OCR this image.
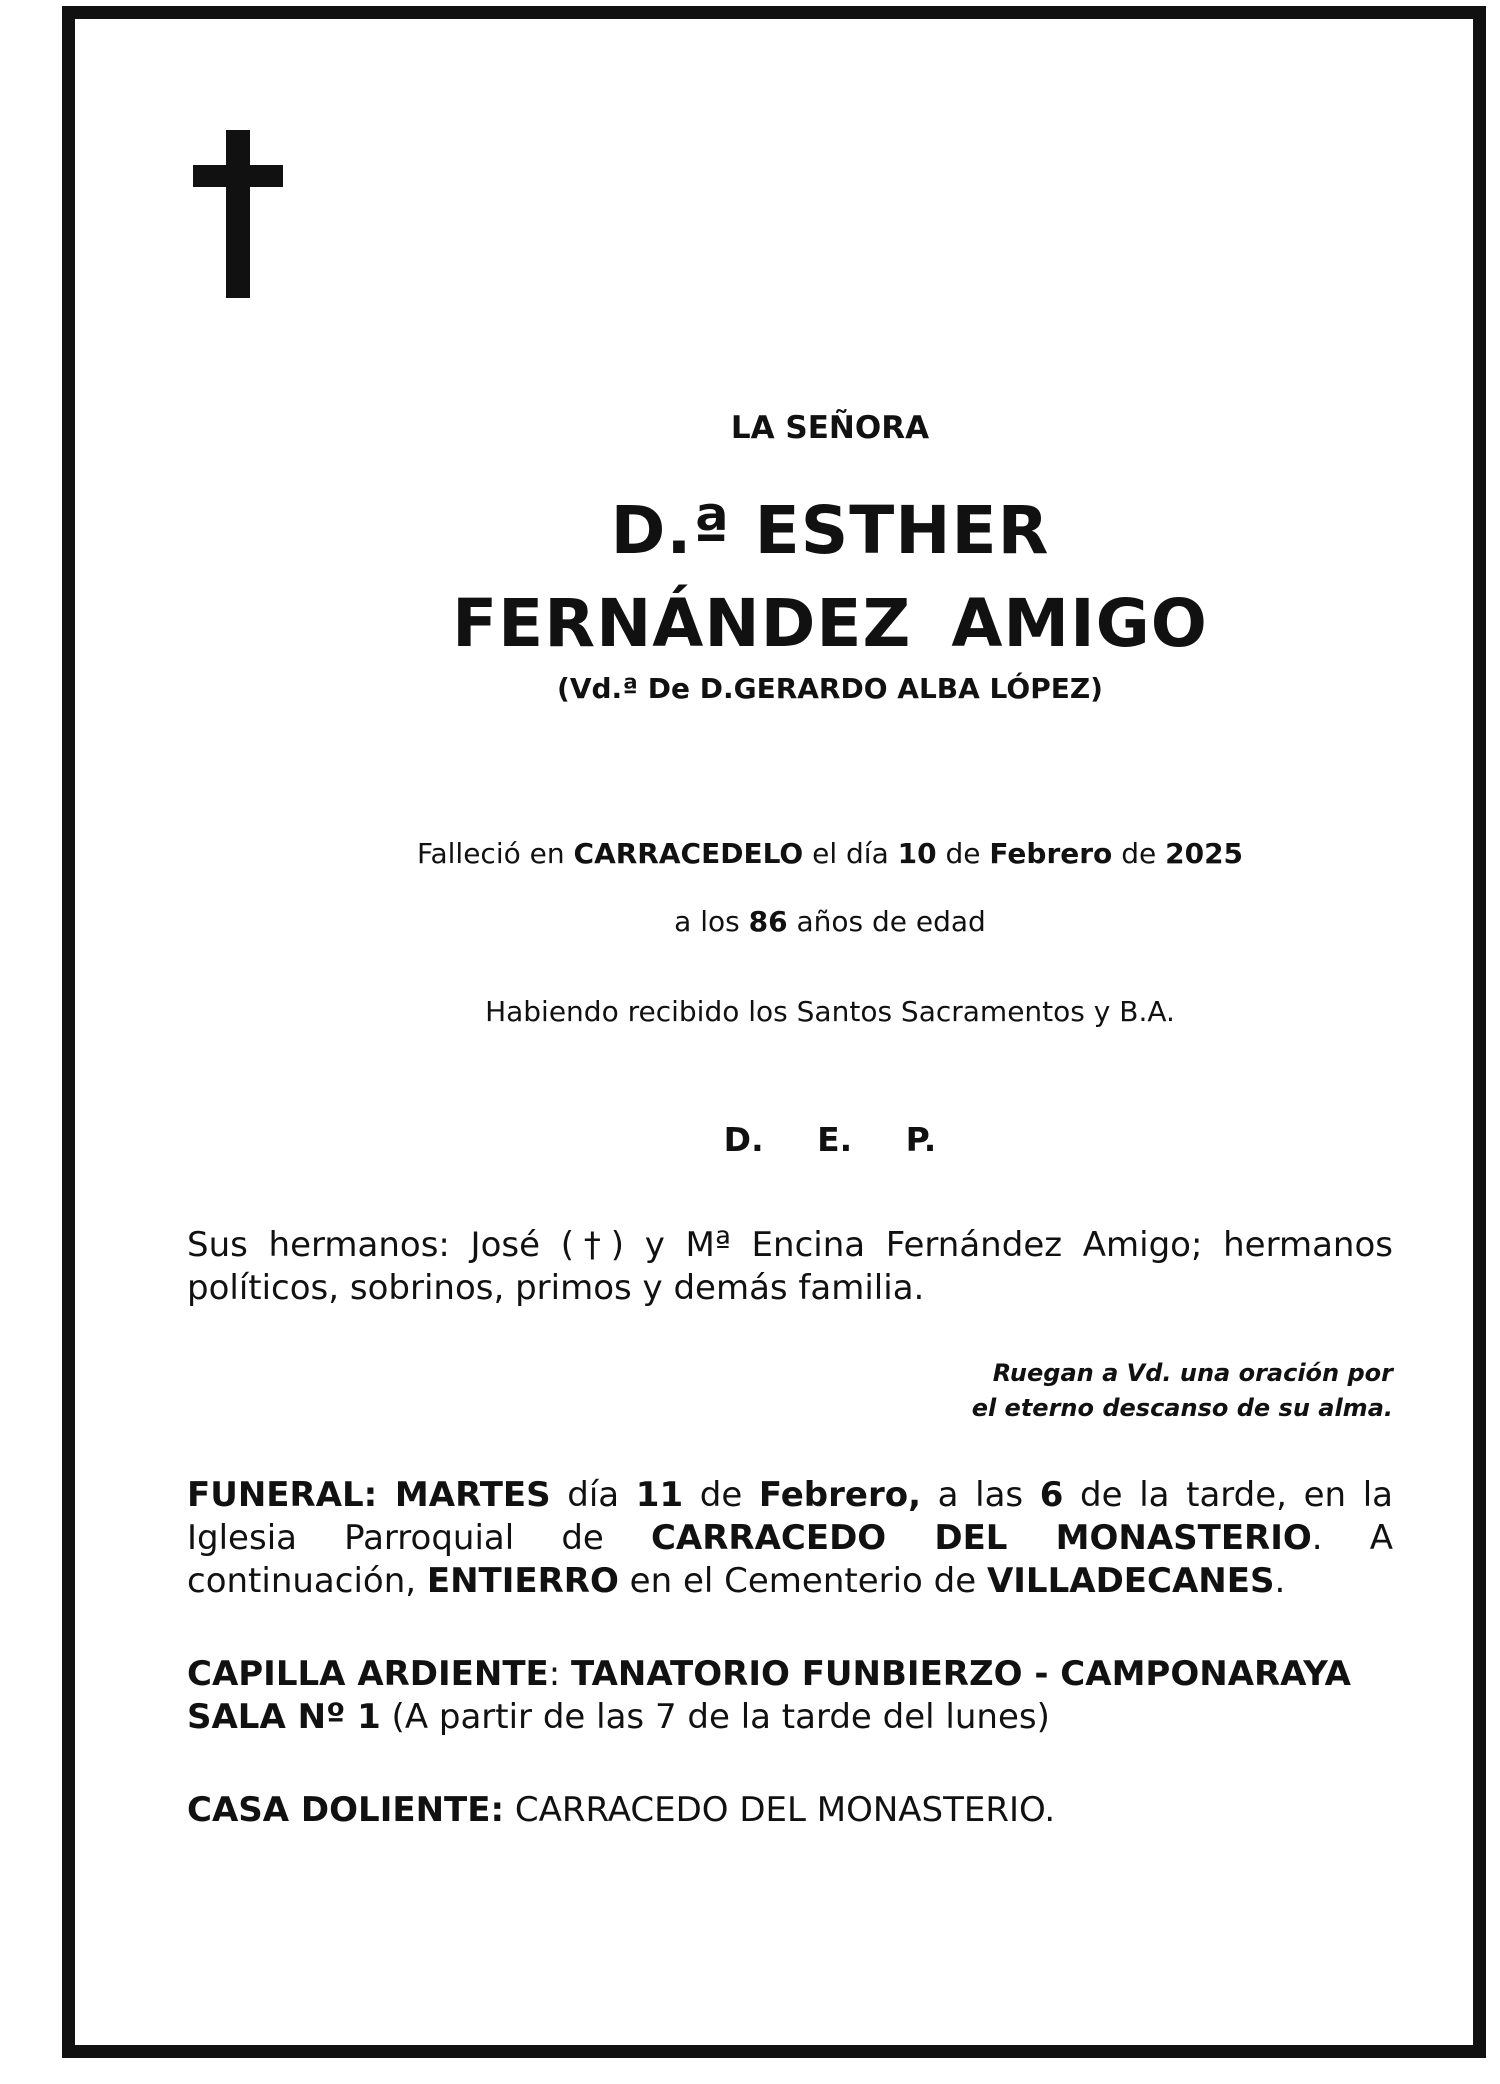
LA SEÑORA
D.ª ESTHER
FERNÁNDEZ AMIGO
(Vd.ª De D.GERARDO ALBA LÓPEZ)
Falleció en CARRACEDELO el día 10 de Febrero de 2025
a los 86 años de edad
Habiendo recibido los Santos Sacramentos y B.A.
D. E. P.
Sus hermanos: José (†) y Mª Encina Fernández Amigo; hermanos políticos, sobrinos, primos y demás familia.
Ruegan a Vd. una oración por
el eterno descanso de su alma.
FUNERAL: MARTES día 11 de Febrero, a las 6 de la tarde, en la Iglesia Parroquial de CARRACEDO DEL MONASTERIO. A continuación, ENTIERRO en el Cementerio de VILLADECANES.
CAPILLA ARDIENTE: TANATORIO FUNBIERZO - CAMPONARAYA
SALA Nº 1 (A partir de las 7 de la tarde del lunes)
CASA DOLIENTE: CARRACEDO DEL MONASTERIO.
